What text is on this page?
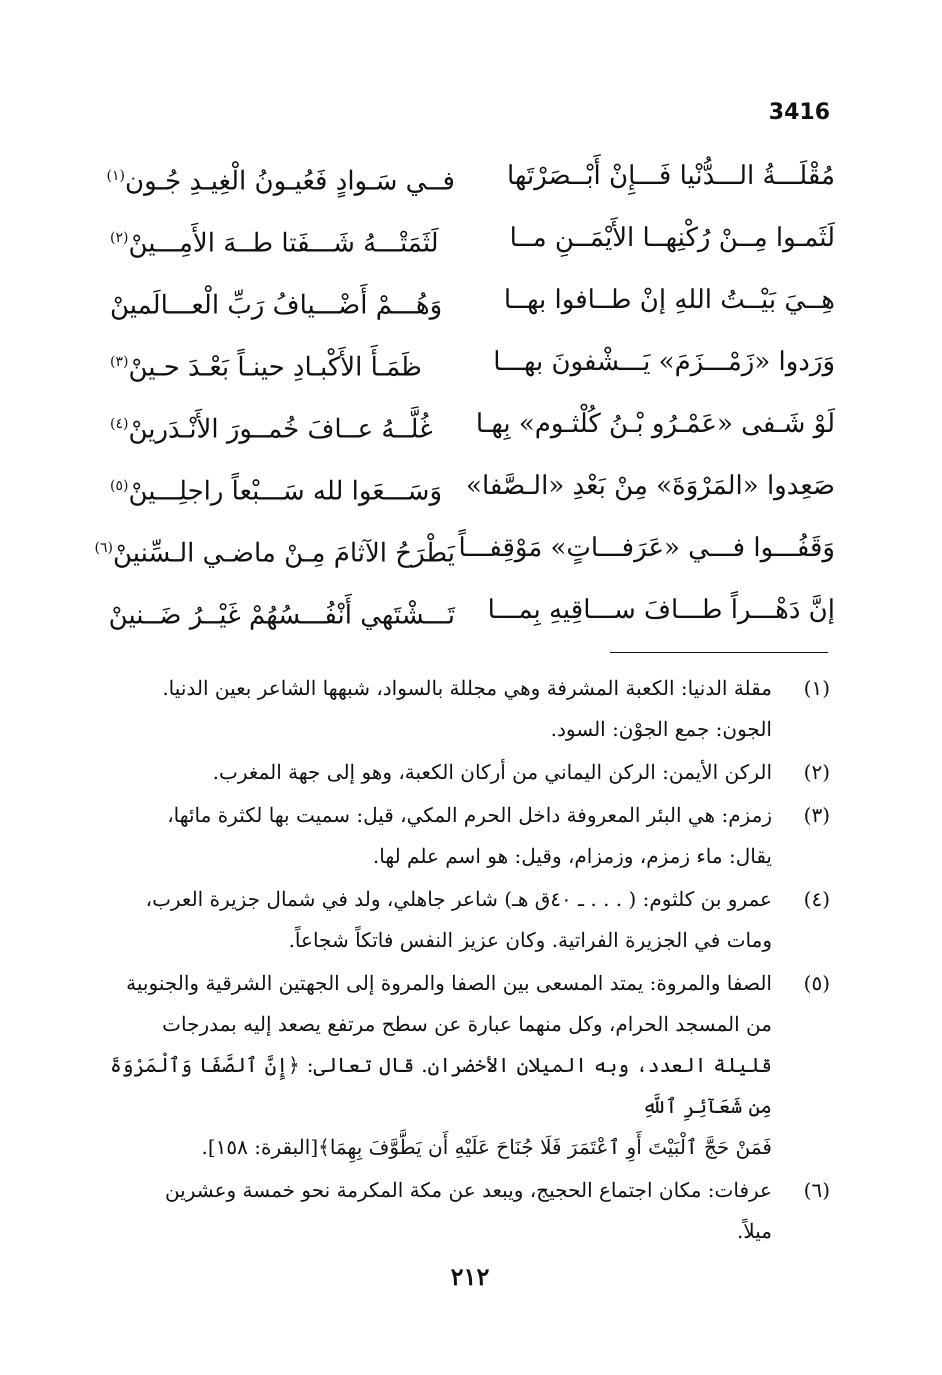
3416
مُقْلَـــةُ الـــدُّنْيا فَـــإِنْ أَبْــصَرْتَها
فــي سَـوادٍ فَعُيـونُ الْغِيـدِ جُـون$^{(١)}$
لَثَمـوا مِــنْ رُكْنِهــا الأَيْمَــنِ مــا
لَثَمَتْـــهُ شَـــفَتا طــهَ الأَمِـــينْ$^{(٢)}$
هِــيَ بَيْــتُ اللهِ إنْ طــافوا بهــا
وَهُـــمْ أَضْـــيافُ رَبِّ الْعـــالَمينْ
وَرَدوا «زَمْـــزَمَ» يَـــشْفونَ بهـــا
ظَمَـأَ الأَكْبـادِ حينـاً بَعْـدَ حـينْ$^{(٣)}$
لَوْ شَـفى «عَمْـرُو بْـنُ كُلْثـوم» بِهـا
غُلَّــهُ عــافَ خُمــورَ الأَنْـدَرينْ$^{(٤)}$
صَعِدوا «المَرْوَةَ» مِنْ بَعْدِ «الـصَّفا»
وَسَـــعَوا لله سَـــبْعاً راجلِـــينْ$^{(٥)}$
وَقَفُـــوا فـــي «عَرَفـــاتٍ» مَوْقِفـــاً
يَطْرَحُ الآثامَ مِـنْ ماضـي الـسِّنينْ$^{(٦)}$
إنَّ دَهْـــراً طـــافَ ســـاقِيهِ بِمـــا
تَـــشْتَهي أَنْفُـــسُهُمْ غَيْــرُ ضَــنينْ
(١)
مقلة الدنيا: الكعبة المشرفة وهي مجللة بالسواد، شبهها الشاعر بعين الدنيا.
الجون: جمع الجوْن: السود.
(٢)
الركن الأيمن: الركن اليماني من أركان الكعبة، وهو إلى جهة المغرب.
(٣)
زمزم: هي البئر المعروفة داخل الحرم المكي، قيل: سميت بها لكثرة مائها،
يقال: ماء زمزم، وزمزام، وقيل: هو اسم علم لها.
(٤)
عمرو بن كلثوم: ( . . . ـ ٤٠ق هـ) شاعر جاهلي، ولد في شمال جزيرة العرب،
ومات في الجزيرة الفراتية. وكان عزيز النفس فاتكاً شجاعاً.
(٥)
الصفا والمروة: يمتد المسعى بين الصفا والمروة إلى الجهتين الشرقية والجنوبية
من المسجد الحرام، وكل منهما عبارة عن سطح مرتفع يصعد إليه بمدرجات
قليلة العدد، وبه الميلان الأخضران. قال تعالى: ﴿إِنَّ ٱلصَّفَا وَٱلْمَرْوَةَ مِن شَعَآئِرِ ٱللَّهِ
فَمَنْ حَجَّ ٱلْبَيْتَ أَوِ ٱعْتَمَرَ فَلَا جُنَاحَ عَلَيْهِ أَن يَطَّوَّفَ بِهِمَا﴾[البقرة: ١٥٨].
(٦)
عرفات: مكان اجتماع الحجيج، ويبعد عن مكة المكرمة نحو خمسة وعشرين
ميلاً.
٢١٢
